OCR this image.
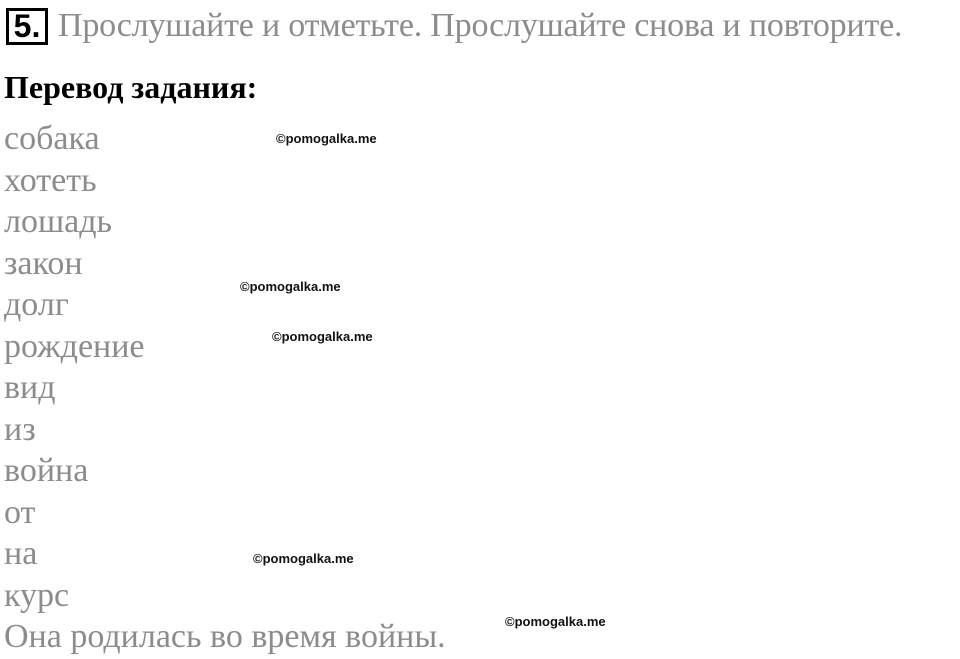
5. Прослушайте и отметьте. Прослушайте снова и повторите.
Перевод задания:
собака
хотеть
лошадь
закон
долг
рождение
вид
из
война
от
на
курс
Она родилась во время войны.
©pomogalka.me
©pomogalka.me
©pomogalka.me
©pomogalka.me
©pomogalka.me
